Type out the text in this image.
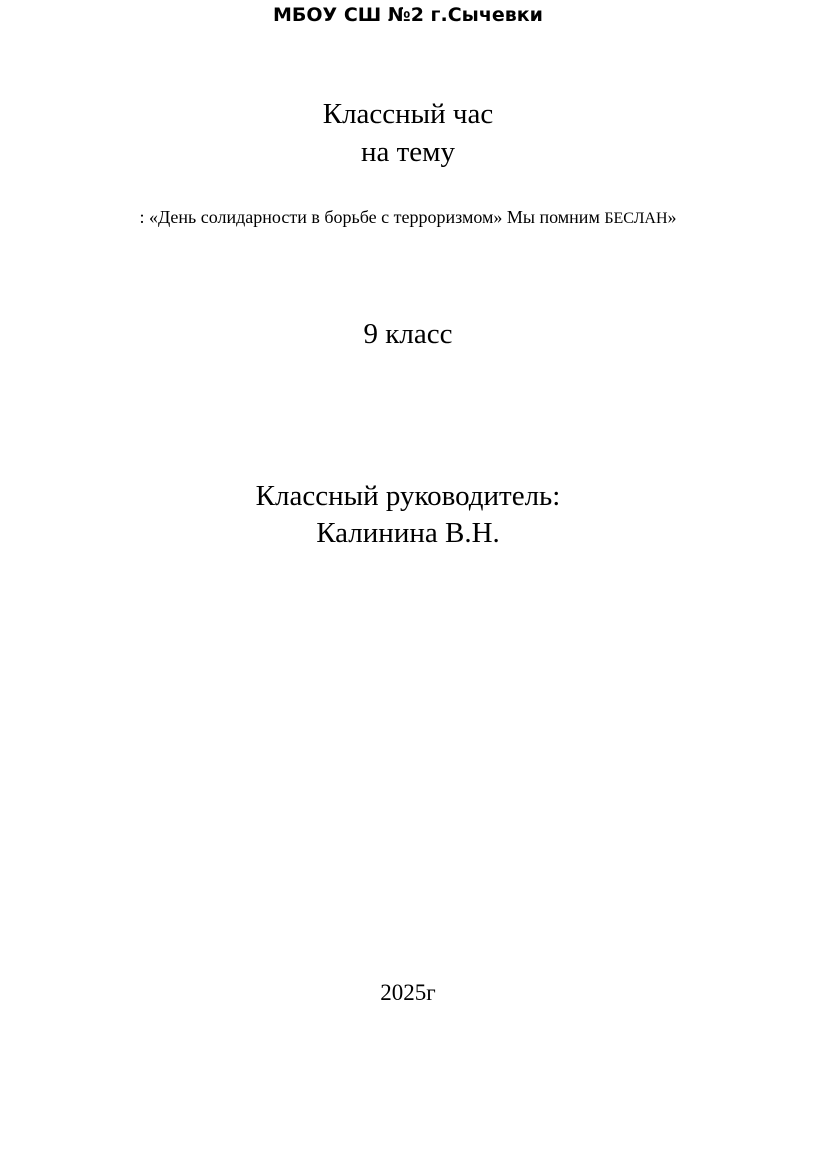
МБОУ СШ №2 г.Сычевки

Классный час

на тему

: «День солидарности в борьбе с терроризмом» Мы помним БЕСЛАН»

9 класс

Классный руководитель:

Калинина В.Н.

2025г
